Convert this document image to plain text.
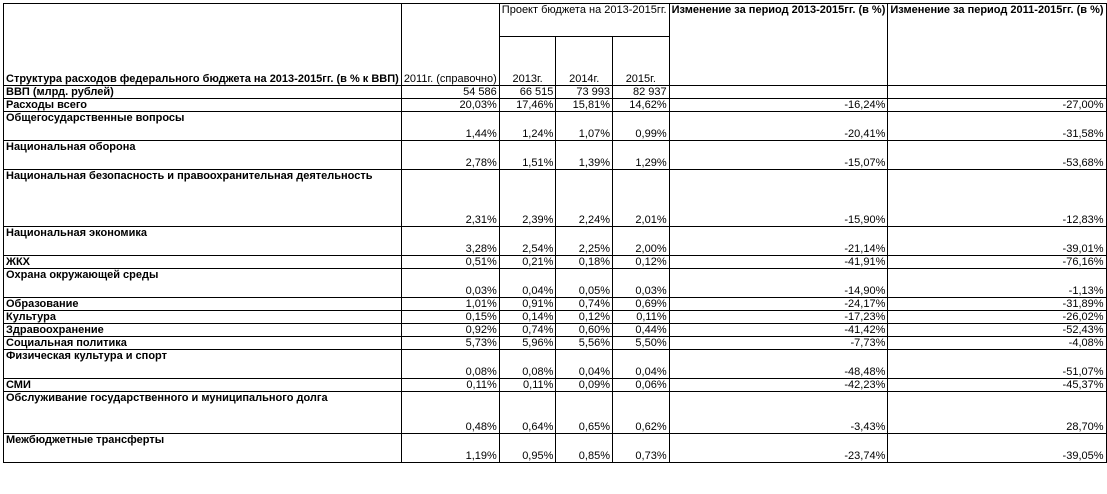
Структура расходов федерального бюджета на 2013-2015гг. (в % к ВВП)	2011г. (справочно)	Проект бюджета на 2013-2015гг.			Изменение за период 2013-2015гг. (в %)	Изменение за период 2011-2015гг. (в %)
		2013г.	2014г.	2015г.		
ВВП (млрд. рублей)	54 586	66 515	73 993	82 937		
Расходы всего	20,03%	17,46%	15,81%	14,62%	-16,24%	-27,00%
Общегосударственные вопросы	1,44%	1,24%	1,07%	0,99%	-20,41%	-31,58%
Национальная оборона	2,78%	1,51%	1,39%	1,29%	-15,07%	-53,68%
Национальная безопасность и правоохранительная деятельность	2,31%	2,39%	2,24%	2,01%	-15,90%	-12,83%
Национальная экономика	3,28%	2,54%	2,25%	2,00%	-21,14%	-39,01%
ЖКХ	0,51%	0,21%	0,18%	0,12%	-41,91%	-76,16%
Охрана окружающей среды	0,03%	0,04%	0,05%	0,03%	-14,90%	-1,13%
Образование	1,01%	0,91%	0,74%	0,69%	-24,17%	-31,89%
Культура	0,15%	0,14%	0,12%	0,11%	-17,23%	-26,02%
Здравоохранение	0,92%	0,74%	0,60%	0,44%	-41,42%	-52,43%
Социальная политика	5,73%	5,96%	5,56%	5,50%	-7,73%	-4,08%
Физическая культура и спорт	0,08%	0,08%	0,04%	0,04%	-48,48%	-51,07%
СМИ	0,11%	0,11%	0,09%	0,06%	-42,23%	-45,37%
Обслуживание государственного и муниципального долга	0,48%	0,64%	0,65%	0,62%	-3,43%	28,70%
Межбюджетные трансферты	1,19%	0,95%	0,85%	0,73%	-23,74%	-39,05%
